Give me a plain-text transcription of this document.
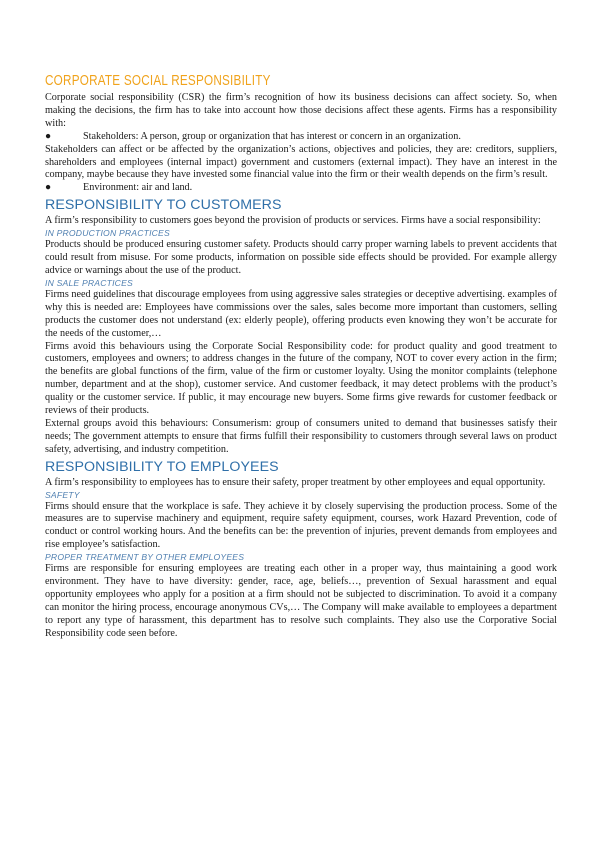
CORPORATE SOCIAL RESPONSIBILITY

Corporate social responsibility (CSR) the firm’s recognition of how its business decisions can affect society. So, when making the decisions, the firm has to take into account how those decisions affect these agents. Firms has a responsibility with:

●	Stakeholders: A person, group or organization that has interest or concern in an organization.

Stakeholders can affect or be affected by the organization’s actions, objectives and policies, they are: creditors, suppliers, shareholders and employees (internal impact) government and customers (external impact). They have an interest in the company, maybe because they have invested some financial value into the firm or their wealth depends on the firm’s result.

●	Environment: air and land.
RESPONSIBILITY TO CUSTOMERS

A firm’s responsibility to customers goes beyond the provision of products or services. Firms have a social responsibility:

IN PRODUCTION PRACTICES

Products should be produced ensuring customer safety. Products should carry proper warning labels to prevent accidents that could result from misuse. For some products, information on possible side effects should be provided. For example allergy advice or warnings about the use of the product.

IN SALE PRACTICES

Firms need guidelines that discourage employees from using aggressive sales strategies or deceptive advertising. examples of why this is needed are: Employees have commissions over the sales, sales become more important than customers, selling products the customer does not understand (ex: elderly people), offering products even knowing they won’t be accurate for the needs of the customer,…

Firms avoid this behaviours using the Corporate Social Responsibility code: for product quality and good treatment to customers, employees and owners; to address changes in the future of the company, NOT to cover every action in the firm; the benefits are global functions of the firm, value of the firm or customer loyalty. Using the monitor complaints (telephone number, department and at the shop), customer service. And customer feedback, it may detect problems with the product’s quality or the customer service. If public, it may encourage new buyers. Some firms give rewards for customer feedback or reviews of their products.

External groups avoid this behaviours: Consumerism: group of consumers united to demand that businesses satisfy their needs; The government attempts to ensure that firms fulfill their responsibility to customers through several laws on product safety, advertising, and industry competition.

RESPONSIBILITY TO EMPLOYEES

A firm’s responsibility to employees has to ensure their safety, proper treatment by other employees and equal opportunity.

SAFETY

Firms should ensure that the workplace is safe. They achieve it by closely supervising the production process. Some of the measures are to supervise machinery and equipment, require safety equipment, courses, work Hazard Prevention, code of conduct or control working hours. And the benefits can be: the prevention of injuries, prevent demands from employees and rise employee’s satisfaction.

PROPER TREATMENT BY OTHER EMPLOYEES

Firms are responsible for ensuring employees are treating each other in a proper way, thus maintaining a good work environment. They have to have diversity: gender, race, age, beliefs…, prevention of Sexual harassment and equal opportunity employees who apply for a position at a firm should not be subjected to discrimination. To avoid it a company can monitor the hiring process, encourage anonymous CVs,… The Company will make available to employees a department to report any type of harassment, this department has to resolve such complaints. They also use the Corporative Social Responsibility code seen before.
